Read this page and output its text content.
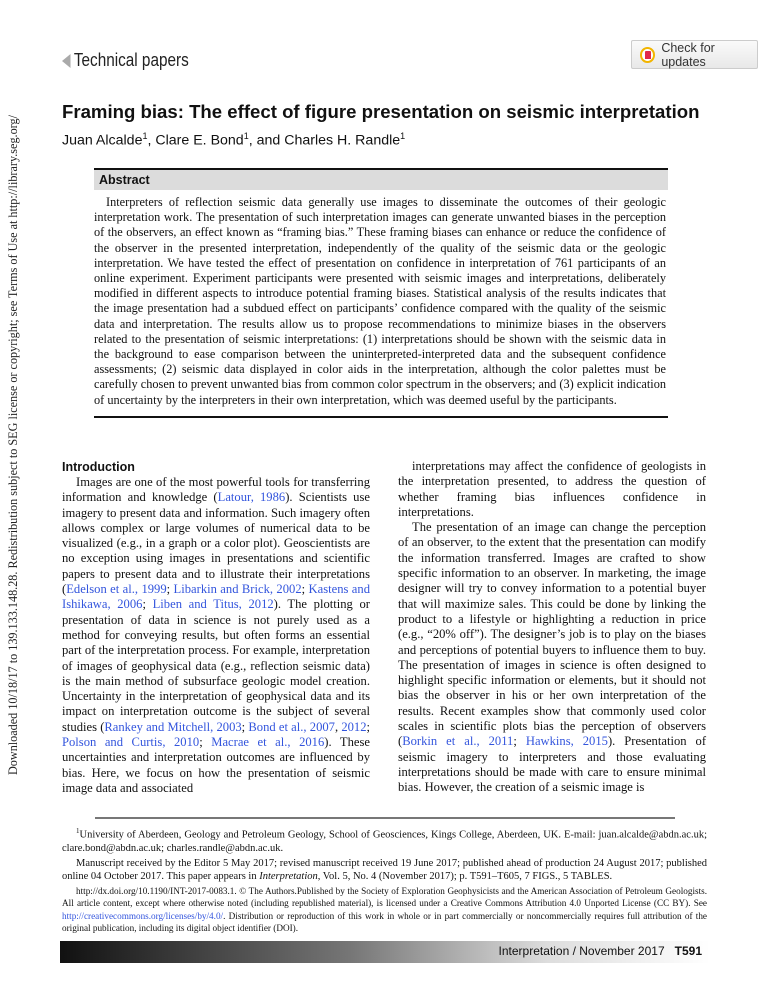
Downloaded 10/18/17 to 139.133.148.28. Redistribution subject to SEG license or copyright; see Terms of Use at http://library.seg.org/
Technical papers
Check for updates
Framing bias: The effect of figure presentation on seismic interpretation
Juan Alcalde$^1$, Clare E. Bond$^1$, and Charles H. Randle$^1$
Abstract

Interpreters of reflection seismic data generally use images to disseminate the outcomes of their geologic interpretation work. The presentation of such interpretation images can generate unwanted biases in the perception of the observers, an effect known as “framing bias.” These framing biases can enhance or reduce the confidence of the observer in the presented interpretation, independently of the quality of the seismic data or the geologic interpretation. We have tested the effect of presentation on confidence in interpretation of 761 participants of an online experiment. Experiment participants were presented with seismic images and interpretations, deliberately modified in different aspects to introduce potential framing biases. Statistical analysis of the results indicates that the image presentation had a subdued effect on participants’ confidence compared with the quality of the seismic data and interpretation. The results allow us to propose recommendations to minimize biases in the observers related to the presentation of seismic interpretations: (1) interpretations should be shown with the seismic data in the background to ease comparison between the uninterpreted-interpreted data and the subsequent confidence assessments; (2) seismic data displayed in color aids in the interpretation, although the color palettes must be carefully chosen to prevent unwanted bias from common color spectrum in the observers; and (3) explicit indication of uncertainty by the interpreters in their own interpretation, which was deemed useful by the participants.

Introduction

Images are one of the most powerful tools for transferring information and knowledge (Latour, 1986). Scientists use imagery to present data and information. Such imagery often allows complex or large volumes of numerical data to be visualized (e.g., in a graph or a color plot). Geoscientists are no exception using images in presentations and scientific papers to present data and to illustrate their interpretations (Edelson et al., 1999; Libarkin and Brick, 2002; Kastens and Ishikawa, 2006; Liben and Titus, 2012). The plotting or presentation of data in science is not purely used as a method for conveying results, but often forms an essential part of the interpretation process. For example, interpretation of images of geophysical data (e.g., reflection seismic data) is the main method of subsurface geologic model creation. Uncertainty in the interpretation of geophysical data and its impact on interpretation outcome is the subject of several studies (Rankey and Mitchell, 2003; Bond et al., 2007, 2012; Polson and Curtis, 2010; Macrae et al., 2016). These uncertainties and interpretation outcomes are influenced by bias. Here, we focus on how the presentation of seismic image data and associated

interpretations may affect the confidence of geologists in the interpretation presented, to address the question of whether framing bias influences confidence in interpretations.

The presentation of an image can change the perception of an observer, to the extent that the presentation can modify the information transferred. Images are crafted to show specific information to an observer. In marketing, the image designer will try to convey information to a potential buyer that will maximize sales. This could be done by linking the product to a lifestyle or highlighting a reduction in price (e.g., “20% off”). The designer’s job is to play on the biases and perceptions of potential buyers to influence them to buy. The presentation of images in science is often designed to highlight specific information or elements, but it should not bias the observer in his or her own interpretation of the results. Recent examples show that commonly used color scales in scientific plots bias the perception of observers (Borkin et al., 2011; Hawkins, 2015). Presentation of seismic imagery to interpreters and those evaluating interpretations should be made with care to ensure minimal bias. However, the creation of a seismic image is

$^1$University of Aberdeen, Geology and Petroleum Geology, School of Geosciences, Kings College, Aberdeen, UK. E-mail: juan.alcalde@abdn.ac.uk; clare.bond@abdn.ac.uk; charles.randle@abdn.ac.uk.

Manuscript received by the Editor 5 May 2017; revised manuscript received 19 June 2017; published ahead of production 24 August 2017; published online 04 October 2017. This paper appears in Interpretation, Vol. 5, No. 4 (November 2017); p. T591–T605, 7 FIGS., 5 TABLES.

http://dx.doi.org/10.1190/INT-2017-0083.1. © The Authors.Published by the Society of Exploration Geophysicists and the American Association of Petroleum Geologists. All article content, except where otherwise noted (including republished material), is licensed under a Creative Commons Attribution 4.0 Unported License (CC BY). See http://creativecommons.org/licenses/by/4.0/. Distribution or reproduction of this work in whole or in part commercially or noncommercially requires full attribution of the original publication, including its digital object identifier (DOI).

Interpretation / November 2017 T591
